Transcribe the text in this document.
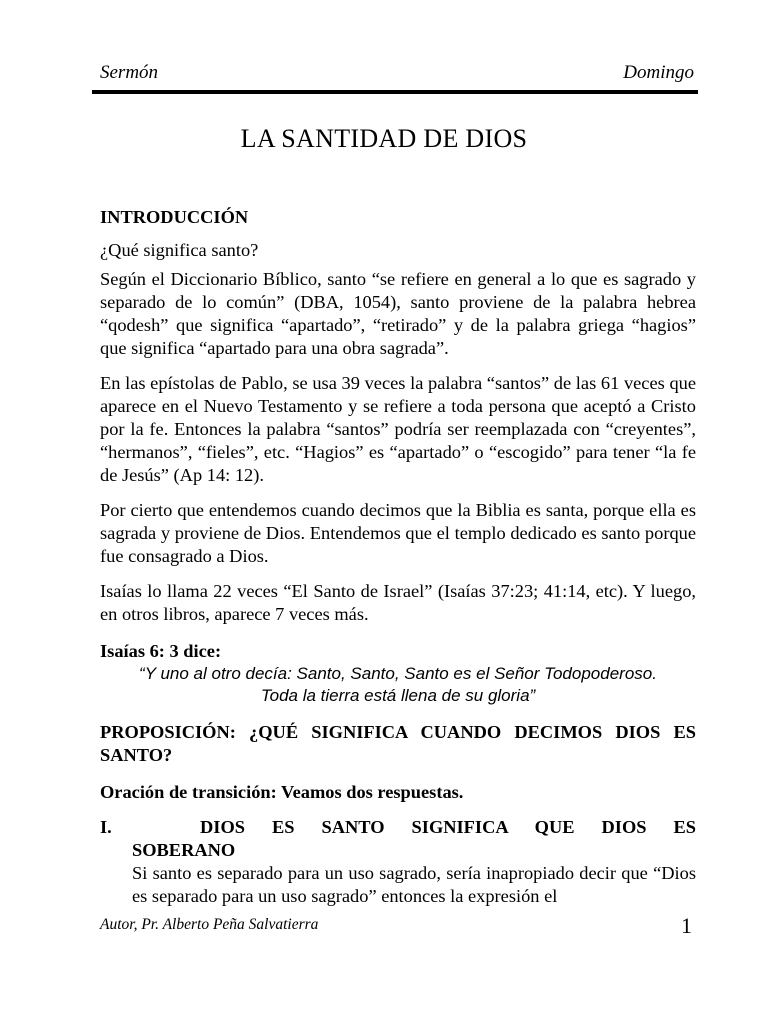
Sermón	Domingo
LA SANTIDAD DE DIOS

INTRODUCCIÓN

¿Qué significa santo?

Según el Diccionario Bíblico, santo “se refiere en general a lo que es sagrado y separado de lo común” (DBA, 1054), santo proviene de la palabra hebrea “qodesh” que significa “apartado”, “retirado” y de la palabra griega “hagios” que significa “apartado para una obra sagrada”.

En las epístolas de Pablo, se usa 39 veces la palabra “santos” de las 61 veces que aparece en el Nuevo Testamento y se refiere a toda persona que aceptó a Cristo por la fe. Entonces la palabra “santos” podría ser reemplazada con “creyentes”, “hermanos”, “fieles”, etc. “Hagios” es “apartado” o “escogido” para tener “la fe de Jesús” (Ap 14: 12).

Por cierto que entendemos cuando decimos que la Biblia es santa, porque ella es sagrada y proviene de Dios. Entendemos que el templo dedicado es santo porque fue consagrado a Dios.

Isaías lo llama 22 veces “El Santo de Israel” (Isaías 37:23; 41:14, etc). Y luego, en otros libros, aparece 7 veces más.

Isaías 6: 3 dice:

“Y uno al otro decía: Santo, Santo, Santo es el Señor Todopoderoso.
Toda la tierra está llena de su gloria”

PROPOSICIÓN: ¿QUÉ SIGNIFICA CUANDO DECIMOS DIOS ES SANTO?

Oración de transición: Veamos dos respuestas.

I.	DIOS ES SANTO SIGNIFICA QUE DIOS ES
SOBERANO
Si santo es separado para un uso sagrado, sería inapropiado decir que “Dios es separado para un uso sagrado” entonces la expresión el
Autor, Pr. Alberto Peña Salvatierra	1
